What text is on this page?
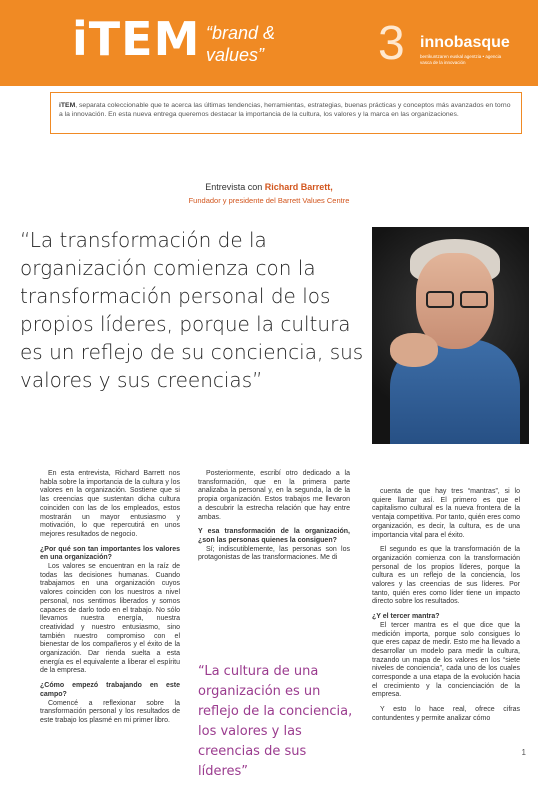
iTEM “brand & values”	3 innobasque
berrikuntzaren euskal agentzia • agencia vasca de la innovación
iTEM, separata coleccionable que te acerca las últimas tendencias, herramientas, estrategias, buenas prácticas y conceptos más avanzados en torno a la innovación. En esta nueva entrega queremos destacar la importancia de la cultura, los valores y la marca en las organizaciones.
Entrevista con Richard Barrett,
Fundador y presidente del Barrett Values Centre
“La transformación de la organización comienza con la transformación personal de los propios líderes, porque la cultura es un reflejo de su conciencia, sus valores y sus creencias”

En esta entrevista, Richard Barrett nos habla sobre la importancia de la cultura y los valores en la organización. Sostiene que si las creencias que sustentan dicha cultura coinciden con las de los empleados, estos mostrarán un mayor entusiasmo y motivación, lo que repercutirá en unos mejores resultados de negocio.

¿Por qué son tan importantes los valores en una organización?

Los valores se encuentran en la raíz de todas las decisiones humanas. Cuando trabajamos en una organización cuyos valores coinciden con los nuestros a nivel personal, nos sentimos liberados y somos capaces de darlo todo en el trabajo. No sólo llevamos nuestra energía, nuestra creatividad y nuestro entusiasmo, sino también nuestro compromiso con el bienestar de los compañeros y el éxito de la organización. Dar rienda suelta a esta energía es el equivalente a liberar el espíritu de la empresa.

¿Cómo empezó trabajando en este campo?

Comencé a reflexionar sobre la transformación personal y los resultados de este trabajo los plasmé en mi primer libro.

Posteriormente, escribí otro dedicado a la transformación, que en la primera parte analizaba la personal y, en la segunda, la de la propia organización. Estos trabajos me llevaron a descubrir la estrecha relación que hay entre ambas.

Y esa transformación de la organización, ¿son las personas quienes la consiguen?

Sí; indiscutiblemente, las personas son los protagonistas de las transformaciones. Me di

“La cultura de una organización es un reflejo de la conciencia, los valores y las creencias de sus líderes”

cuenta de que hay tres “mantras”, si lo quiere llamar así. El primero es que el capitalismo cultural es la nueva frontera de la ventaja competitiva. Por tanto, quién eres como organización, es decir, la cultura, es de una importancia vital para el éxito.

El segundo es que la transformación de la organización comienza con la transformación personal de los propios líderes, porque la cultura es un reflejo de la conciencia, los valores y las creencias de sus líderes. Por tanto, quién eres como líder tiene un impacto directo sobre los resultados.

¿Y el tercer mantra?

El tercer mantra es el que dice que la medición importa, porque solo consigues lo que eres capaz de medir. Esto me ha llevado a desarrollar un modelo para medir la cultura, trazando un mapa de los valores en los “siete niveles de conciencia”, cada uno de los cuales corresponde a una etapa de la evolución hacia el crecimiento y la concienciación de la empresa.

Y esto lo hace real, ofrece cifras contundentes y permite analizar cómo

1
